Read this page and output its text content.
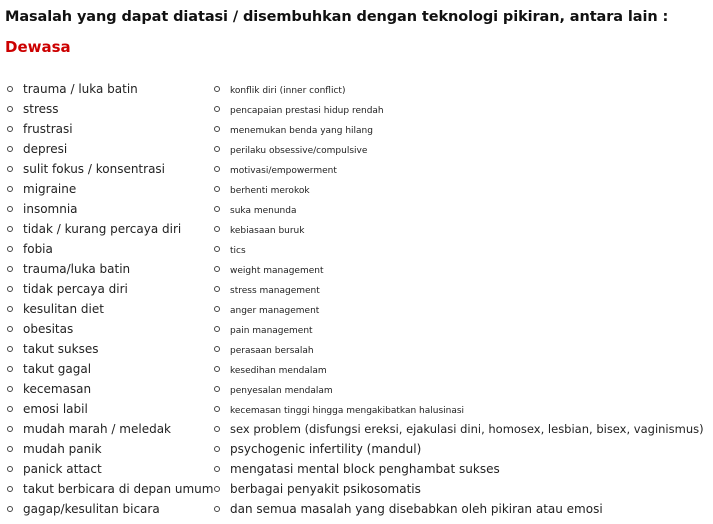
Masalah yang dapat diatasi / disembuhkan dengan teknologi pikiran, antara lain :
Dewasa
trauma / luka batin
stress
frustrasi
depresi
sulit fokus / konsentrasi
migraine
insomnia
tidak / kurang percaya diri
fobia
trauma/luka batin
tidak percaya diri
kesulitan diet
obesitas
takut sukses
takut gagal
kecemasan
emosi labil
mudah marah / meledak
mudah panik
panick attact
takut berbicara di depan umum
gagap/kesulitan bicara
konflik diri (inner conflict)
pencapaian prestasi hidup rendah
menemukan benda yang hilang
perilaku obsessive/compulsive
motivasi/empowerment
berhenti merokok
suka menunda
kebiasaan buruk
tics
weight management
stress management
anger management
pain management
perasaan bersalah
kesedihan mendalam
penyesalan mendalam
kecemasan tinggi hingga mengakibatkan halusinasi
sex problem (disfungsi ereksi, ejakulasi dini, homosex, lesbian, bisex, vaginismus)
psychogenic infertility (mandul)
mengatasi mental block penghambat sukses
berbagai penyakit psikosomatis
dan semua masalah yang disebabkan oleh pikiran atau emosi
